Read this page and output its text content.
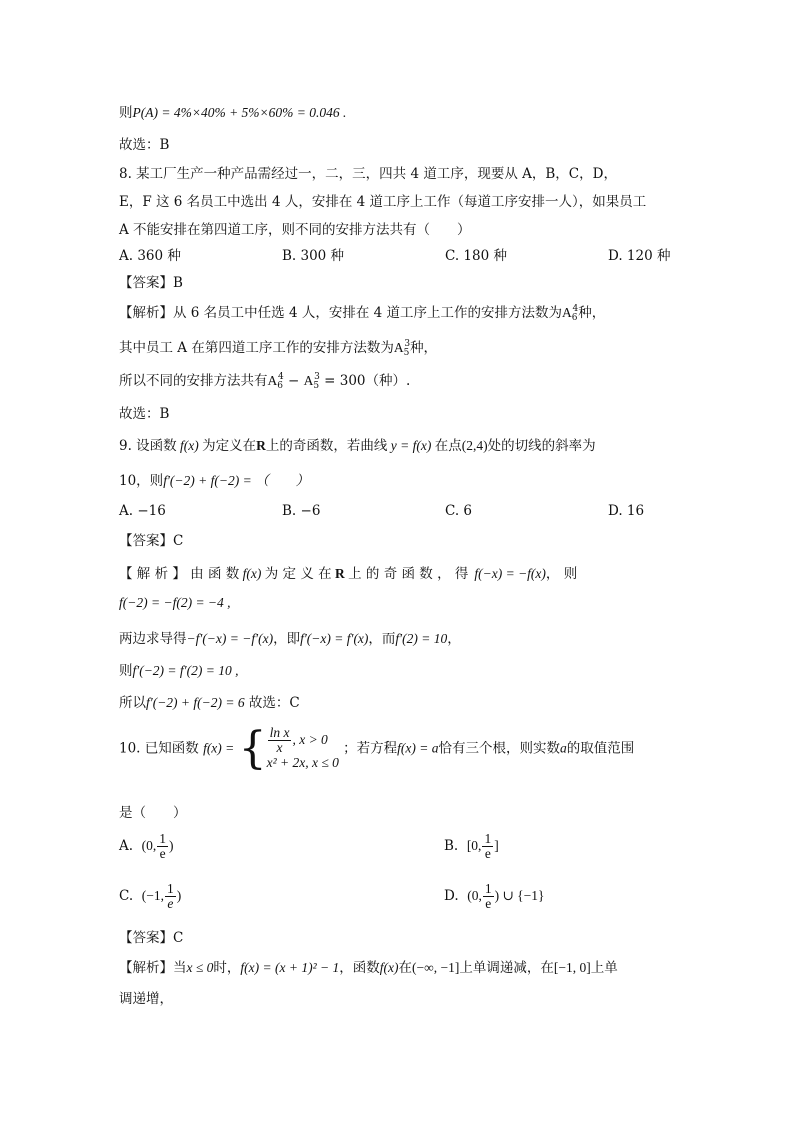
则P(A) = 4%×40% + 5%×60% = 0.046 .
故选：B
8. 某工厂生产一种产品需经过一，二，三，四共 4 道工序，现要从 A，B，C，D，
E，F 这 6 名员工中选出 4 人，安排在 4 道工序上工作（每道工序安排一人），如果员工
A 不能安排在第四道工序，则不同的安排方法共有（　　）
A. 360 种	B. 300 种	C. 180 种	D. 120 种
【答案】B
【解析】从 6 名员工中任选 4 人，安排在 4 道工序上工作的安排方法数为$A_6^4$种，
其中员工 A 在第四道工序工作的安排方法数为$A_5^3$种，
所以不同的安排方法共有$A_6^4 - A_5^3 = 300$（种）.
故选：B
9. 设函数 f(x) 为定义在R上的奇函数，若曲线 y = f(x) 在点(2,4)处的切线的斜率为
10，则f′(−2) + f(−2) = （　　）
A. −16	B. −6	C. 6	D. 16
【答案】C
【 解 析 】 由 函 数 f(x) 为 定 义 在 R 上 的 奇 函 数 ， 得 f(−x) = −f(x)， 则
f(−2) = −f(2) = −4 ,
两边求导得−f′(−x) = −f′(x)，即f′(−x) = f′(x)，而f′(2) = 10，
则f′(−2) = f′(2) = 10 ,
所以f′(−2) + f(−2) = 6 故选：C
10. 已知函数 f(x) = { $\frac{\text{ln x}}{x}$ , x > 0
x² + 2x, x ≤ 0
；若方程f(x) = a恰有三个根，则实数a的取值范围
是（　　）
A. (0, $\frac{1}{e}$ )	B. [0, $\frac{1}{e}$ ]
C. (−1, $\frac{1}{e}$ )	D. (0, $\frac{1}{e}$ ) ∪ {−1}
【答案】C
【解析】当x ≤ 0时，f(x) = (x + 1)² − 1，函数f(x)在(−∞, −1]上单调递减，在[−1, 0]上单
调递增，
